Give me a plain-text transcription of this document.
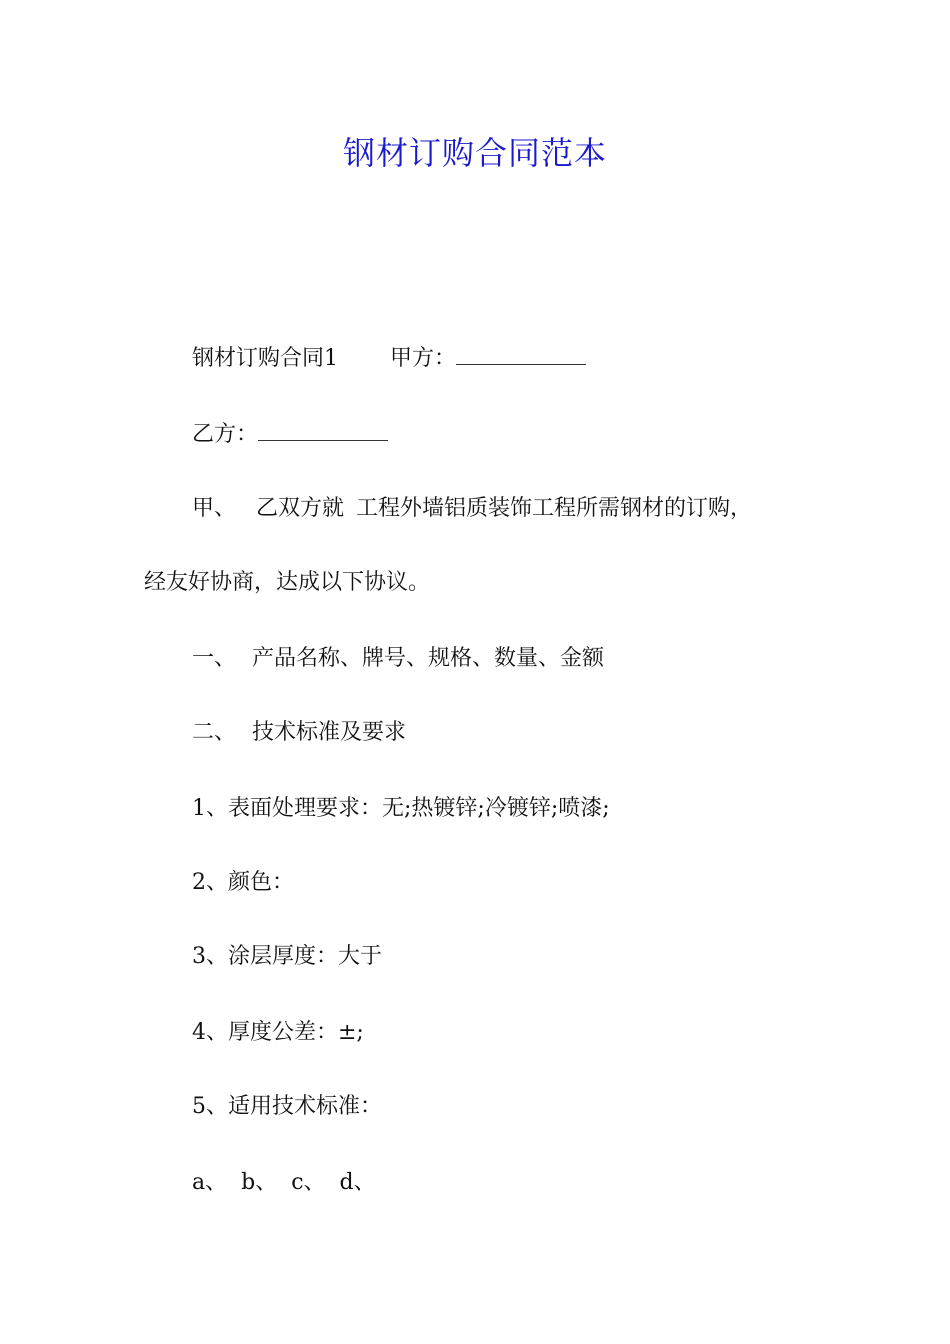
钢材订购合同范本

钢材订购合同1 甲方：

乙方：

甲、 乙双方就 工程外墙铝质装饰工程所需钢材的订购，

经友好协商，达成以下协议。

一、 产品名称、牌号、规格、数量、金额

二、 技术标准及要求

1、表面处理要求：无;热镀锌;冷镀锌;喷漆;

2、颜色：

3、涂层厚度：大于

4、厚度公差：±;

5、适用技术标准：

a、 b、 c、 d、
